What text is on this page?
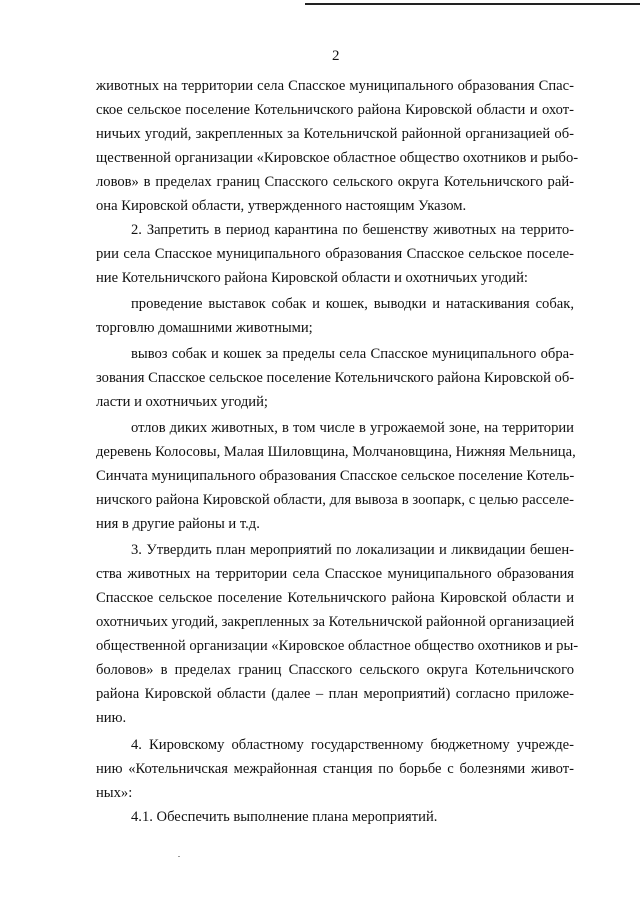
2
животных на территории села Спасское муниципального образования Спас-
ское сельское поселение Котельничского района Кировской области и охот-
ничьих угодий, закрепленных за Котельничской районной организацией об-
щественной организации «Кировское областное общество охотников и рыбо-
ловов» в пределах границ Спасского сельского округа Котельничского рай-
она Кировской области, утвержденного настоящим Указом.
2. Запретить в период карантина по бешенству животных на террито-
рии села Спасское муниципального образования Спасское сельское поселе-
ние Котельничского района Кировской области и охотничьих угодий:
проведение выставок собак и кошек, выводки и натаскивания собак,
торговлю домашними животными;
вывоз собак и кошек за пределы села Спасское муниципального обра-
зования Спасское сельское поселение Котельничского района Кировской об-
ласти и охотничьих угодий;
отлов диких животных, в том числе в угрожаемой зоне, на территории
деревень Колосовы, Малая Шиловщина, Молчановщина, Нижняя Мельница,
Синчата муниципального образования Спасское сельское поселение Котель-
ничского района Кировской области, для вывоза в зоопарк, с целью расселе-
ния в другие районы и т.д.
3. Утвердить план мероприятий по локализации и ликвидации бешен-
ства животных на территории села Спасское муниципального образования
Спасское сельское поселение Котельничского района Кировской области и
охотничьих угодий, закрепленных за Котельничской районной организацией
общественной организации «Кировское областное общество охотников и ры-
боловов» в пределах границ Спасского сельского округа Котельничского
района Кировской области (далее – план мероприятий) согласно приложе-
нию.
4. Кировскому областному государственному бюджетному учрежде-
нию «Котельничская межрайонная станция по борьбе с болезнями живот-
ных»:
4.1. Обеспечить выполнение плана мероприятий.
